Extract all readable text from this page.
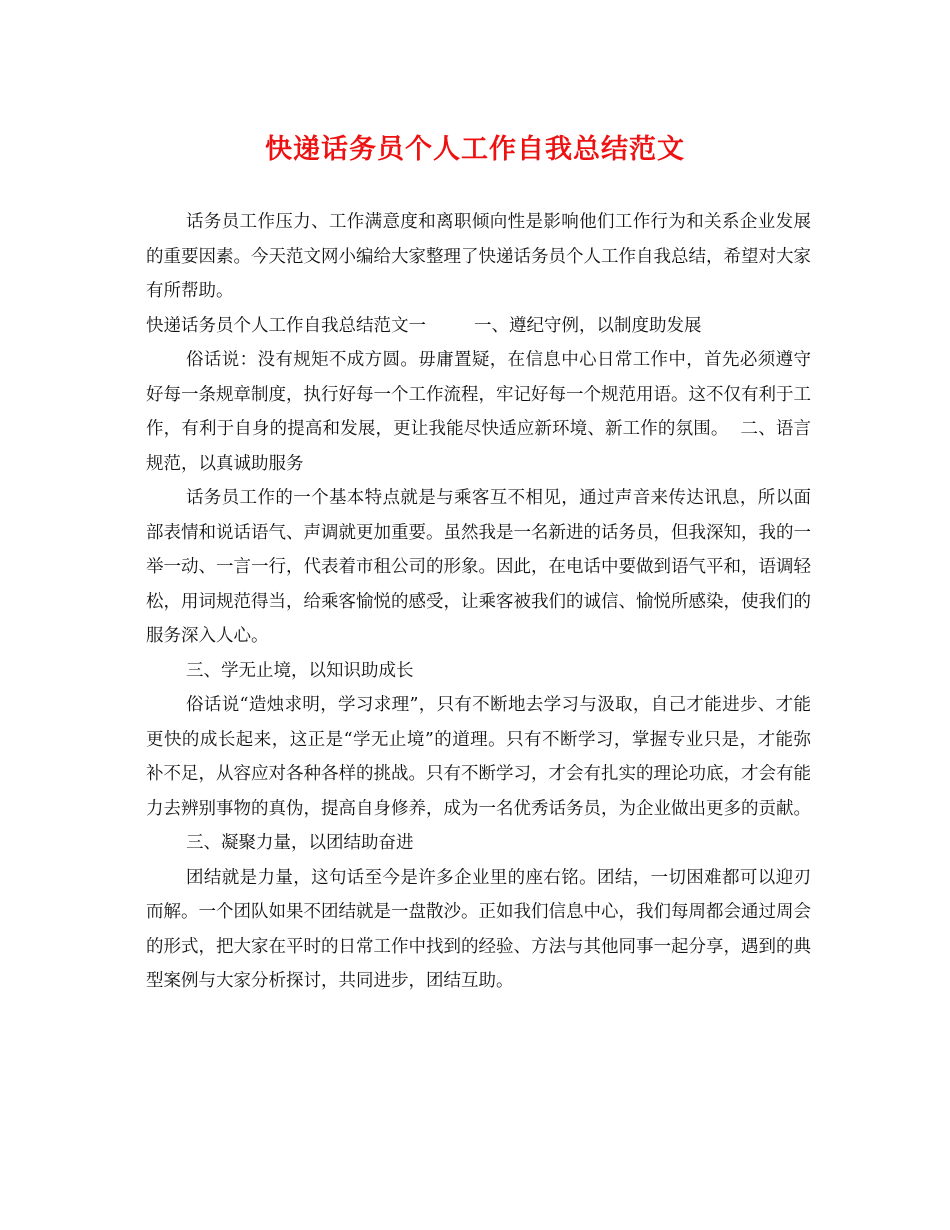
快递话务员个人工作自我总结范文

话务员工作压力、工作满意度和离职倾向性是影响他们工作行为和关系企业发展的重要因素。今天范文网小编给大家整理了快递话务员个人工作自我总结，希望对大家有所帮助。

快递话务员个人工作自我总结范文一	一、遵纪守例，以制度助发展

俗话说：没有规矩不成方圆。毋庸置疑，在信息中心日常工作中，首先必须遵守好每一条规章制度，执行好每一个工作流程，牢记好每一个规范用语。这不仅有利于工作，有利于自身的提高和发展，更让我能尽快适应新环境、新工作的氛围。 二、语言规范，以真诚助服务

话务员工作的一个基本特点就是与乘客互不相见，通过声音来传达讯息，所以面部表情和说话语气、声调就更加重要。虽然我是一名新进的话务员，但我深知，我的一举一动、一言一行，代表着市租公司的形象。因此，在电话中要做到语气平和，语调轻松，用词规范得当，给乘客愉悦的感受，让乘客被我们的诚信、愉悦所感染，使我们的服务深入人心。

三、学无止境，以知识助成长

俗话说“造烛求明，学习求理”，只有不断地去学习与汲取，自己才能进步、才能更快的成长起来，这正是“学无止境”的道理。只有不断学习，掌握专业只是，才能弥补不足，从容应对各种各样的挑战。只有不断学习，才会有扎实的理论功底，才会有能力去辨别事物的真伪，提高自身修养，成为一名优秀话务员，为企业做出更多的贡献。

三、凝聚力量，以团结助奋进

团结就是力量，这句话至今是许多企业里的座右铭。团结，一切困难都可以迎刃而解。一个团队如果不团结就是一盘散沙。正如我们信息中心，我们每周都会通过周会的形式，把大家在平时的日常工作中找到的经验、方法与其他同事一起分享，遇到的典型案例与大家分析探讨，共同进步，团结互助。
